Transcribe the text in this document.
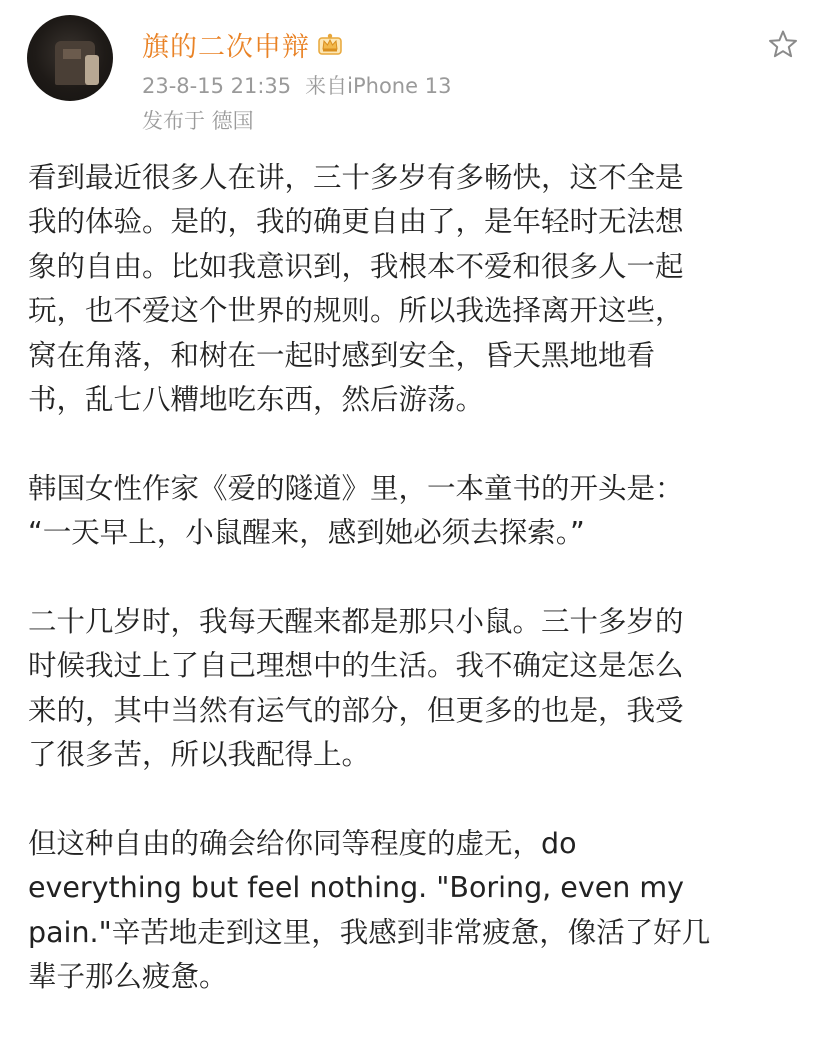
旗的二次申辩
23-8-15 21:35 来自iPhone 13
发布于 德国

看到最近很多人在讲，三十多岁有多畅快，这不全是
我的体验。是的，我的确更自由了，是年轻时无法想
象的自由。比如我意识到，我根本不爱和很多人一起
玩，也不爱这个世界的规则。所以我选择离开这些，
窝在角落，和树在一起时感到安全，昏天黑地地看
书，乱七八糟地吃东西，然后游荡。

韩国女性作家《爱的隧道》里，一本童书的开头是：
“一天早上，小鼠醒来，感到她必须去探索。”

二十几岁时，我每天醒来都是那只小鼠。三十多岁的
时候我过上了自己理想中的生活。我不确定这是怎么
来的，其中当然有运气的部分，但更多的也是，我受
了很多苦，所以我配得上。

但这种自由的确会给你同等程度的虚无，do
everything but feel nothing. "Boring, even my
pain."辛苦地走到这里，我感到非常疲惫，像活了好几
辈子那么疲惫。
